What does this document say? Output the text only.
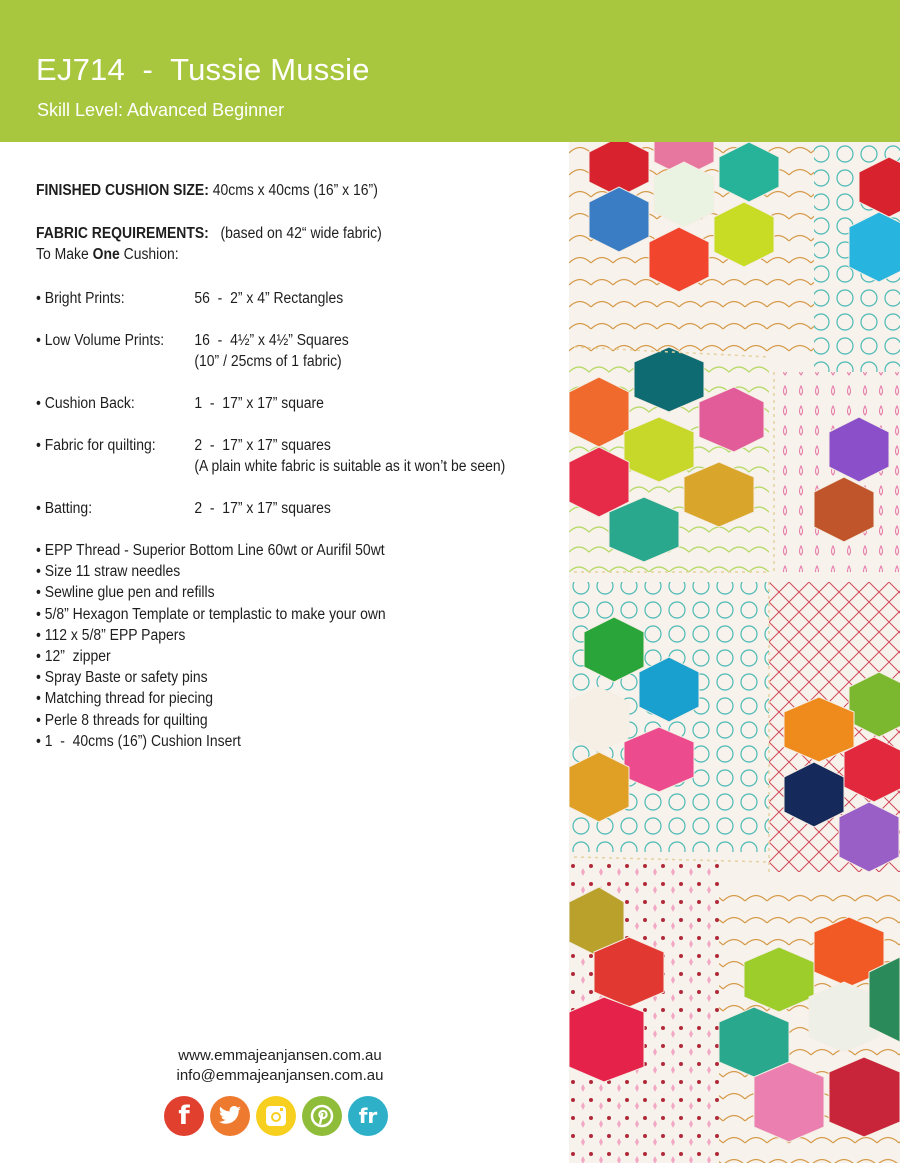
EJ714  -  Tussie Mussie
Skill Level: Advanced Beginner
FINISHED CUSHION SIZE: 40cms x 40cms (16” x 16”)
FABRIC REQUIREMENTS: (based on 42“ wide fabric)
To Make One Cushion:
• Bright Prints:	56  -  2” x 4” Rectangles
• Low Volume Prints:	16  -  4½” x 4½” Squares
(10” / 25cms of 1 fabric)
• Cushion Back:	1  -  17” x 17” square
• Fabric for quilting:	2  -  17” x 17” squares
(A plain white fabric is suitable as it won’t be seen)
• Batting:	2  -  17” x 17” squares
• EPP Thread - Superior Bottom Line 60wt or Aurifil 50wt
• Size 11 straw needles
• Sewline glue pen and refills
• 5/8” Hexagon Template or templastic to make your own
• 112 x 5/8” EPP Papers
• 12”  zipper
• Spray Baste or safety pins
• Matching thread for piecing
• Perle 8 threads for quilting
• 1  -  40cms (16”) Cushion Insert
www.emmajeanjansen.com.au
info@emmajeanjansen.com.au
f	fr
